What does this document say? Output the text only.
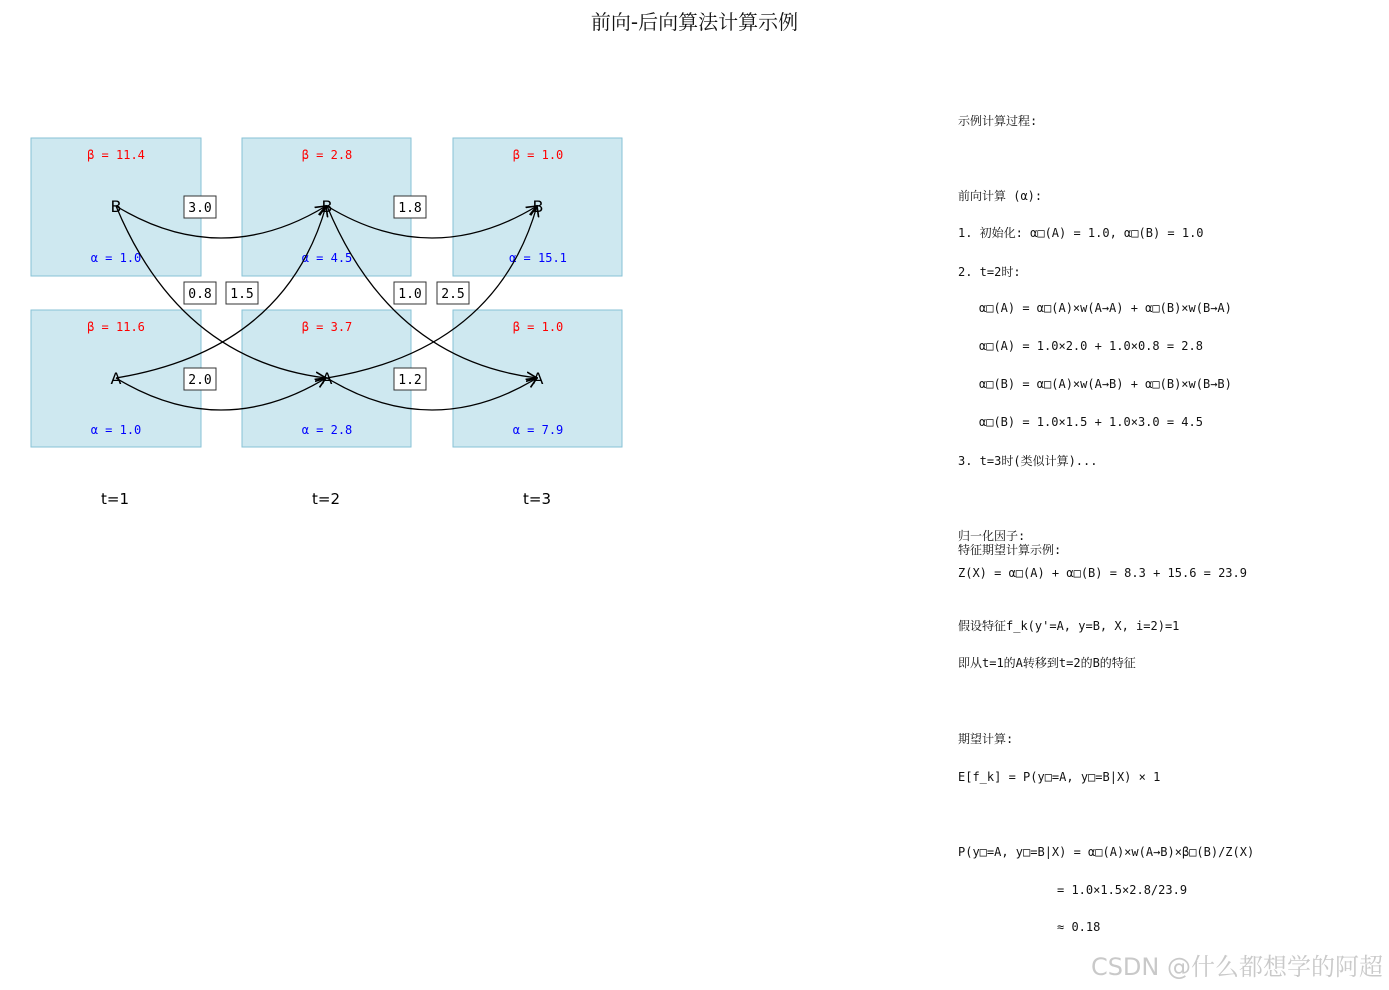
前向-后向算法计算示例
β = 11.4	β = 2.8	β = 1.0
β = 11.6	β = 3.7	β = 1.0
α = 1.0	α = 4.5	α = 15.1
α = 1.0	α = 2.8	α = 7.9
B	B	B
A	A	A
3.0
0.8 1.5
2.0
1.8
1.0 2.5
1.2
t=1	t=2	t=3
示例计算过程:
前向计算 (α):
1. 初始化: α□(A) = 1.0, α□(B) = 1.0
2. t=2时:
α□(A) = α□(A)×w(A→A) + α□(B)×w(B→A)
α□(A) = 1.0×2.0 + 1.0×0.8 = 2.8
α□(B) = α□(A)×w(A→B) + α□(B)×w(B→B)
α□(B) = 1.0×1.5 + 1.0×3.0 = 4.5
3. t=3时(类似计算)...
归一化因子:
特征期望计算示例:
Z(X) = α□(A) + α□(B) = 8.3 + 15.6 = 23.9
假设特征f_k(y'=A, y=B, X, i=2)=1
即从t=1的A转移到t=2的B的特征
期望计算:
E[f_k] = P(y□=A, y□=B|X) × 1
P(y□=A, y□=B|X) = α□(A)×w(A→B)×β□(B)/Z(X)
= 1.0×1.5×2.8/23.9
≈ 0.18
CSDN @什么都想学的阿超
